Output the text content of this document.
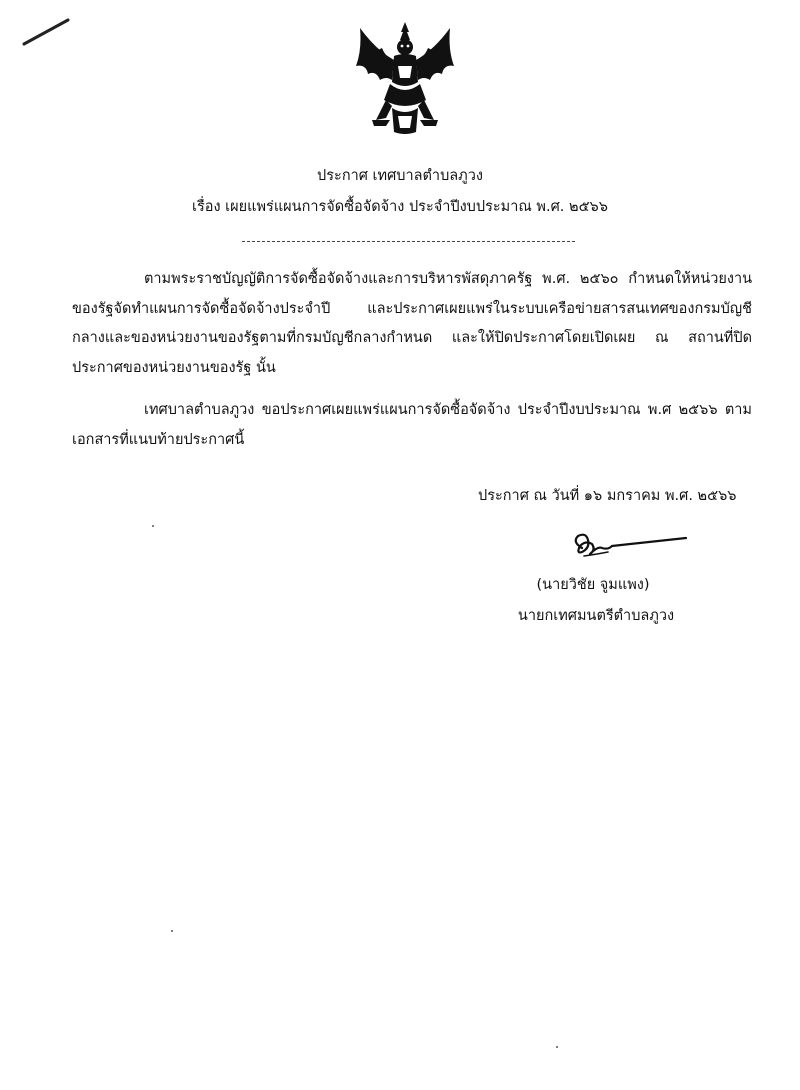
ประกาศ เทศบาลตำบลภูวง
เรื่อง เผยแพร่แผนการจัดซื้อจัดจ้าง ประจำปีงบประมาณ พ.ศ. ๒๕๖๖
ตามพระราชบัญญัติการจัดซื้อจัดจ้างและการบริหารพัสดุภาครัฐ พ.ศ. ๒๕๖๐ กำหนดให้หน่วยงานของรัฐจัดทำแผนการจัดซื้อจัดจ้างประจำปี และประกาศเผยแพร่ในระบบเครือข่ายสารสนเทศของกรมบัญชีกลางและของหน่วยงานของรัฐตามที่กรมบัญชีกลางกำหนด และให้ปิดประกาศโดยเปิดเผย ณ สถานที่ปิดประกาศของหน่วยงานของรัฐ นั้น
เทศบาลตำบลภูวง ขอประกาศเผยแพร่แผนการจัดซื้อจัดจ้าง ประจำปีงบประมาณ พ.ศ ๒๕๖๖ ตามเอกสารที่แนบท้ายประกาศนี้
ประกาศ ณ วันที่ ๑๖ มกราคม พ.ศ. ๒๕๖๖
(นายวิชัย จูมแพง)
นายกเทศมนตรีตำบลภูวง
